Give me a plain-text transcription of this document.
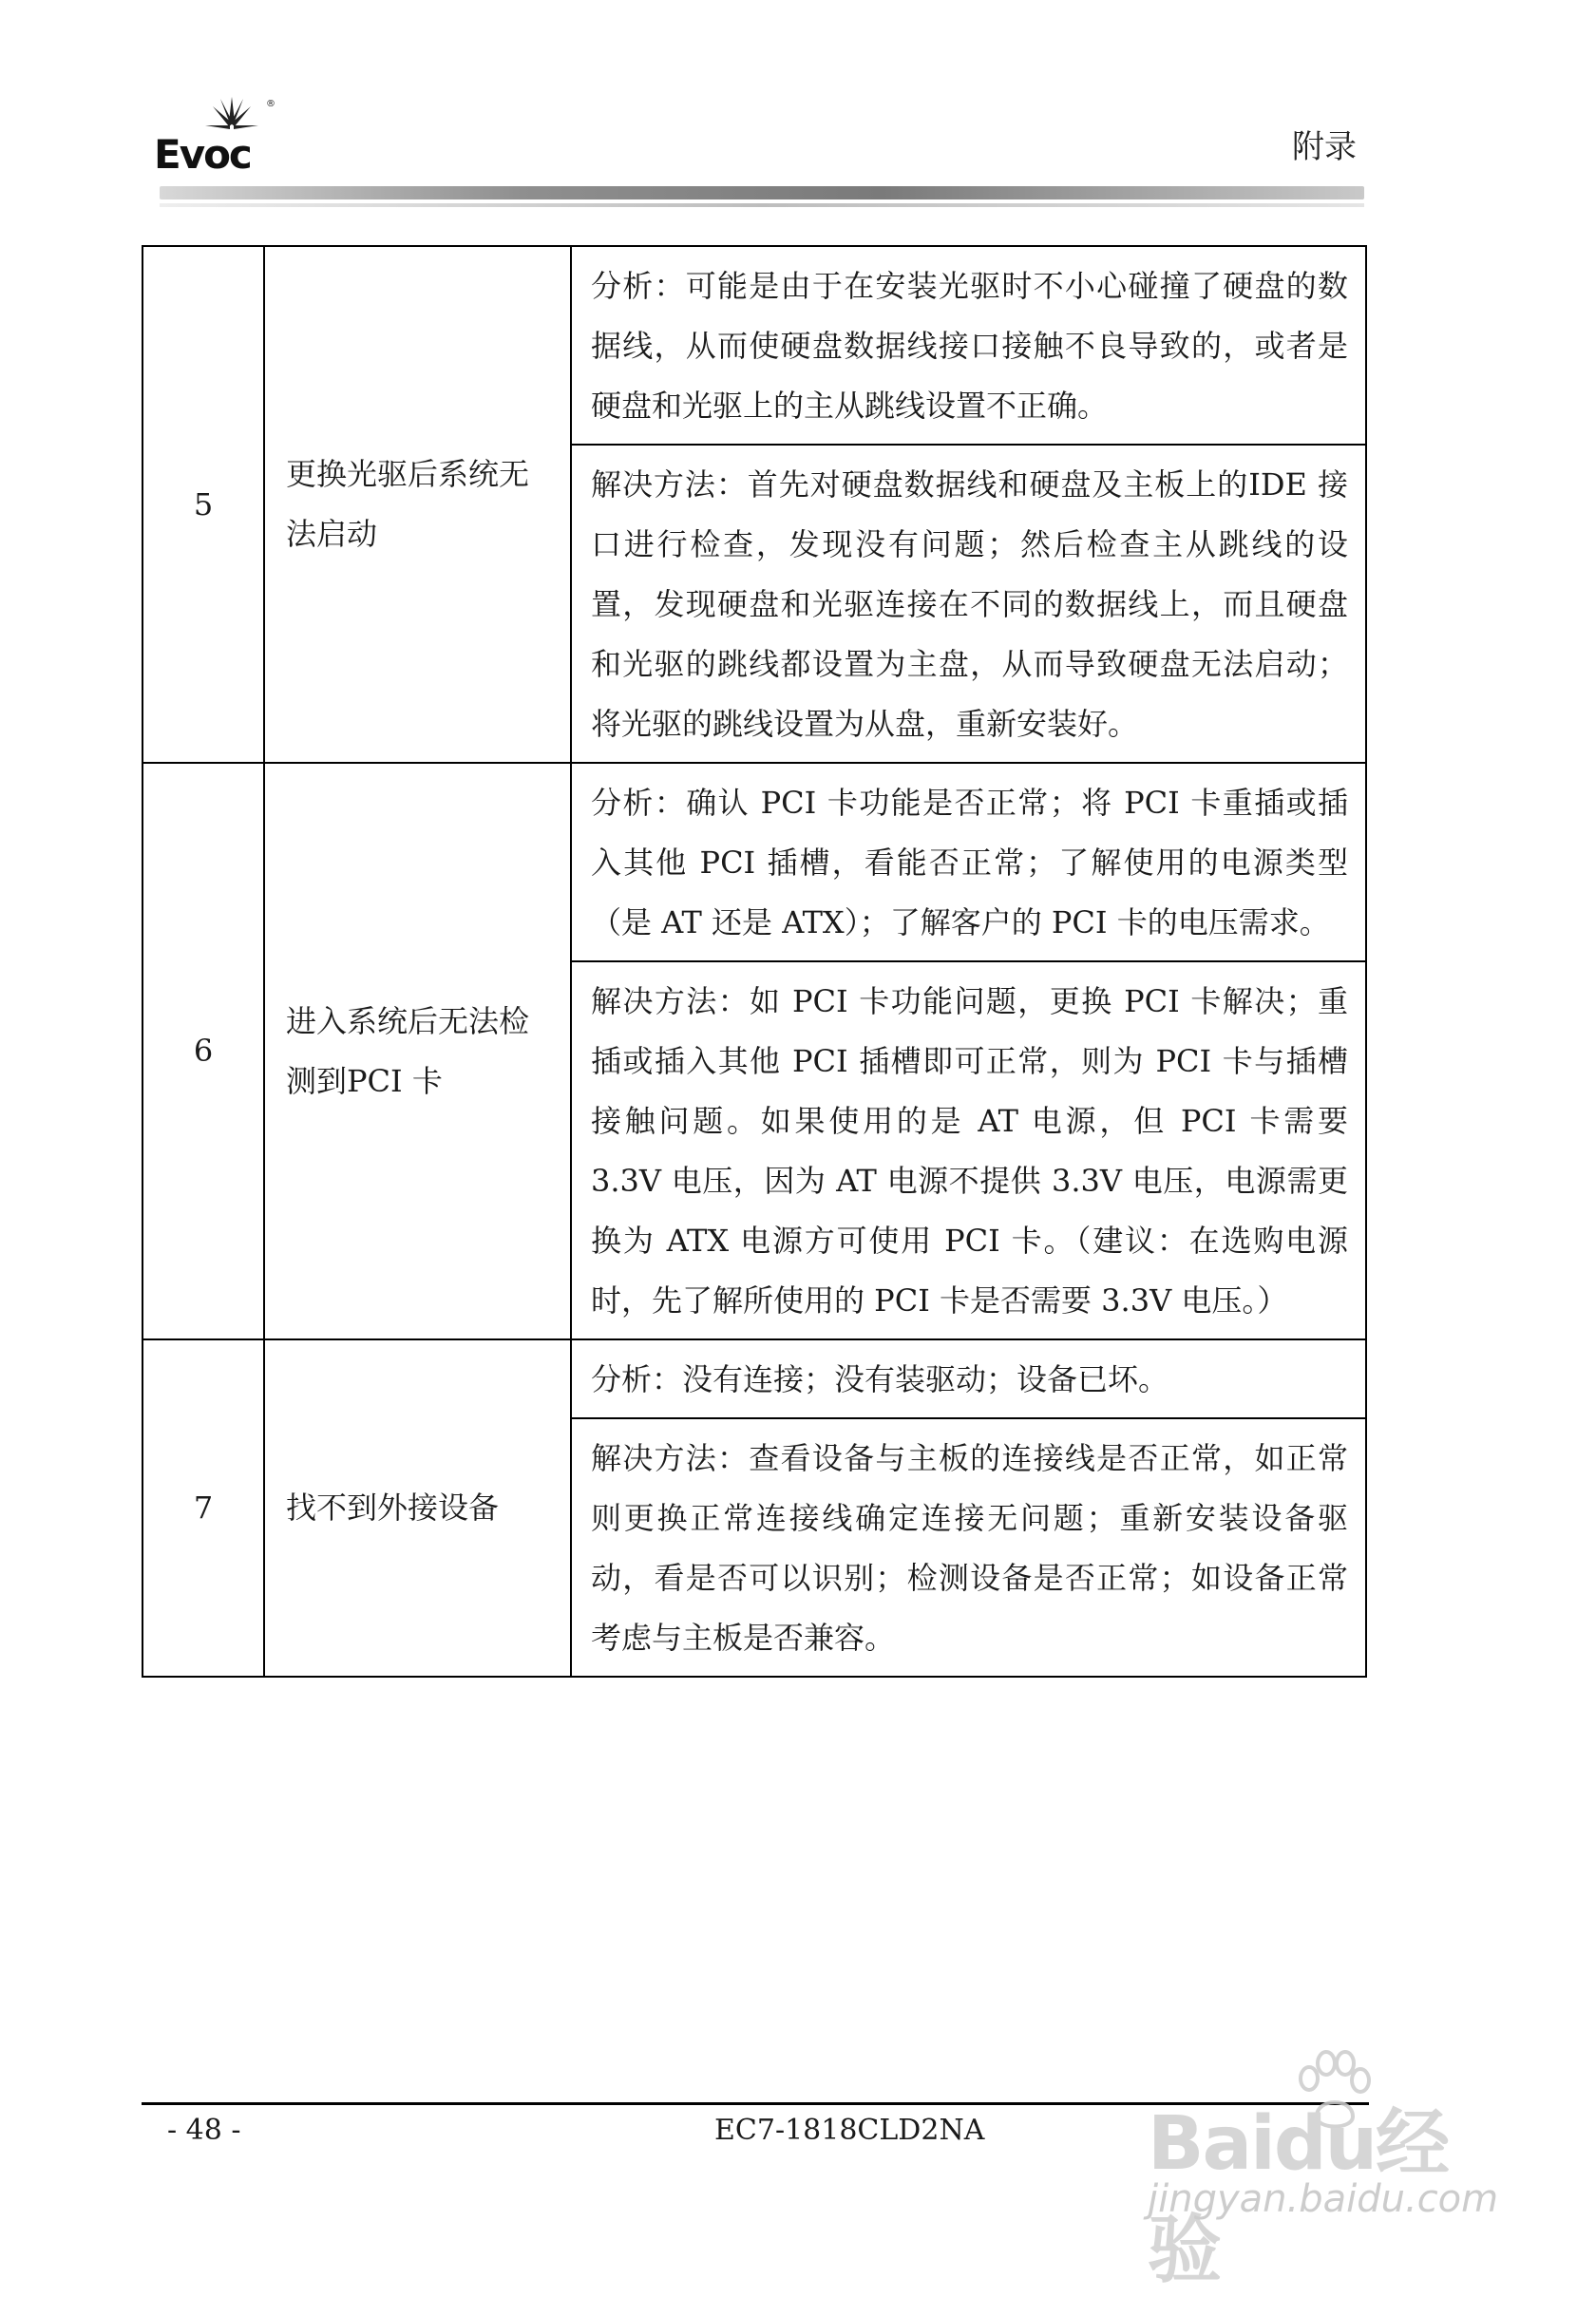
®
Evoc	附录
5	更换光驱后系统无法启动	分析：可能是由于在安装光驱时不小心碰撞了硬盘的数据线，从而使硬盘数据线接口接触不良导致的，或者是硬盘和光驱上的主从跳线设置不正确。

		解决方法：首先对硬盘数据线和硬盘及主板上的IDE 接口进行检查，发现没有问题；然后检查主从跳线的设置，发现硬盘和光驱连接在不同的数据线上，而且硬盘和光驱的跳线都设置为主盘，从而导致硬盘无法启动；将光驱的跳线设置为从盘，重新安装好。

6	进入系统后无法检测到PCI 卡	分析：确认 PCI 卡功能是否正常；将 PCI 卡重插或插入其他 PCI 插槽，看能否正常；了解使用的电源类型（是 AT 还是 ATX）；了解客户的 PCI 卡的电压需求。

		解决方法：如 PCI 卡功能问题，更换 PCI 卡解决；重插或插入其他 PCI 插槽即可正常，则为 PCI 卡与插槽接触问题。如果使用的是 AT 电源，但 PCI 卡需要 3.3V 电压，因为 AT 电源不提供 3.3V 电压，电源需更换为 ATX 电源方可使用 PCI 卡。（建议：在选购电源时，先了解所使用的 PCI 卡是否需要 3.3V 电压。）

7	找不到外接设备	分析：没有连接；没有装驱动；设备已坏。

		解决方法：查看设备与主板的连接线是否正常，如正常则更换正常连接线确定连接无问题；重新安装设备驱动，看是否可以识别；检测设备是否正常；如设备正常考虑与主板是否兼容。
- 48 -	EC7-1818CLD2NA Baidu经验
jingyan.baidu.com
